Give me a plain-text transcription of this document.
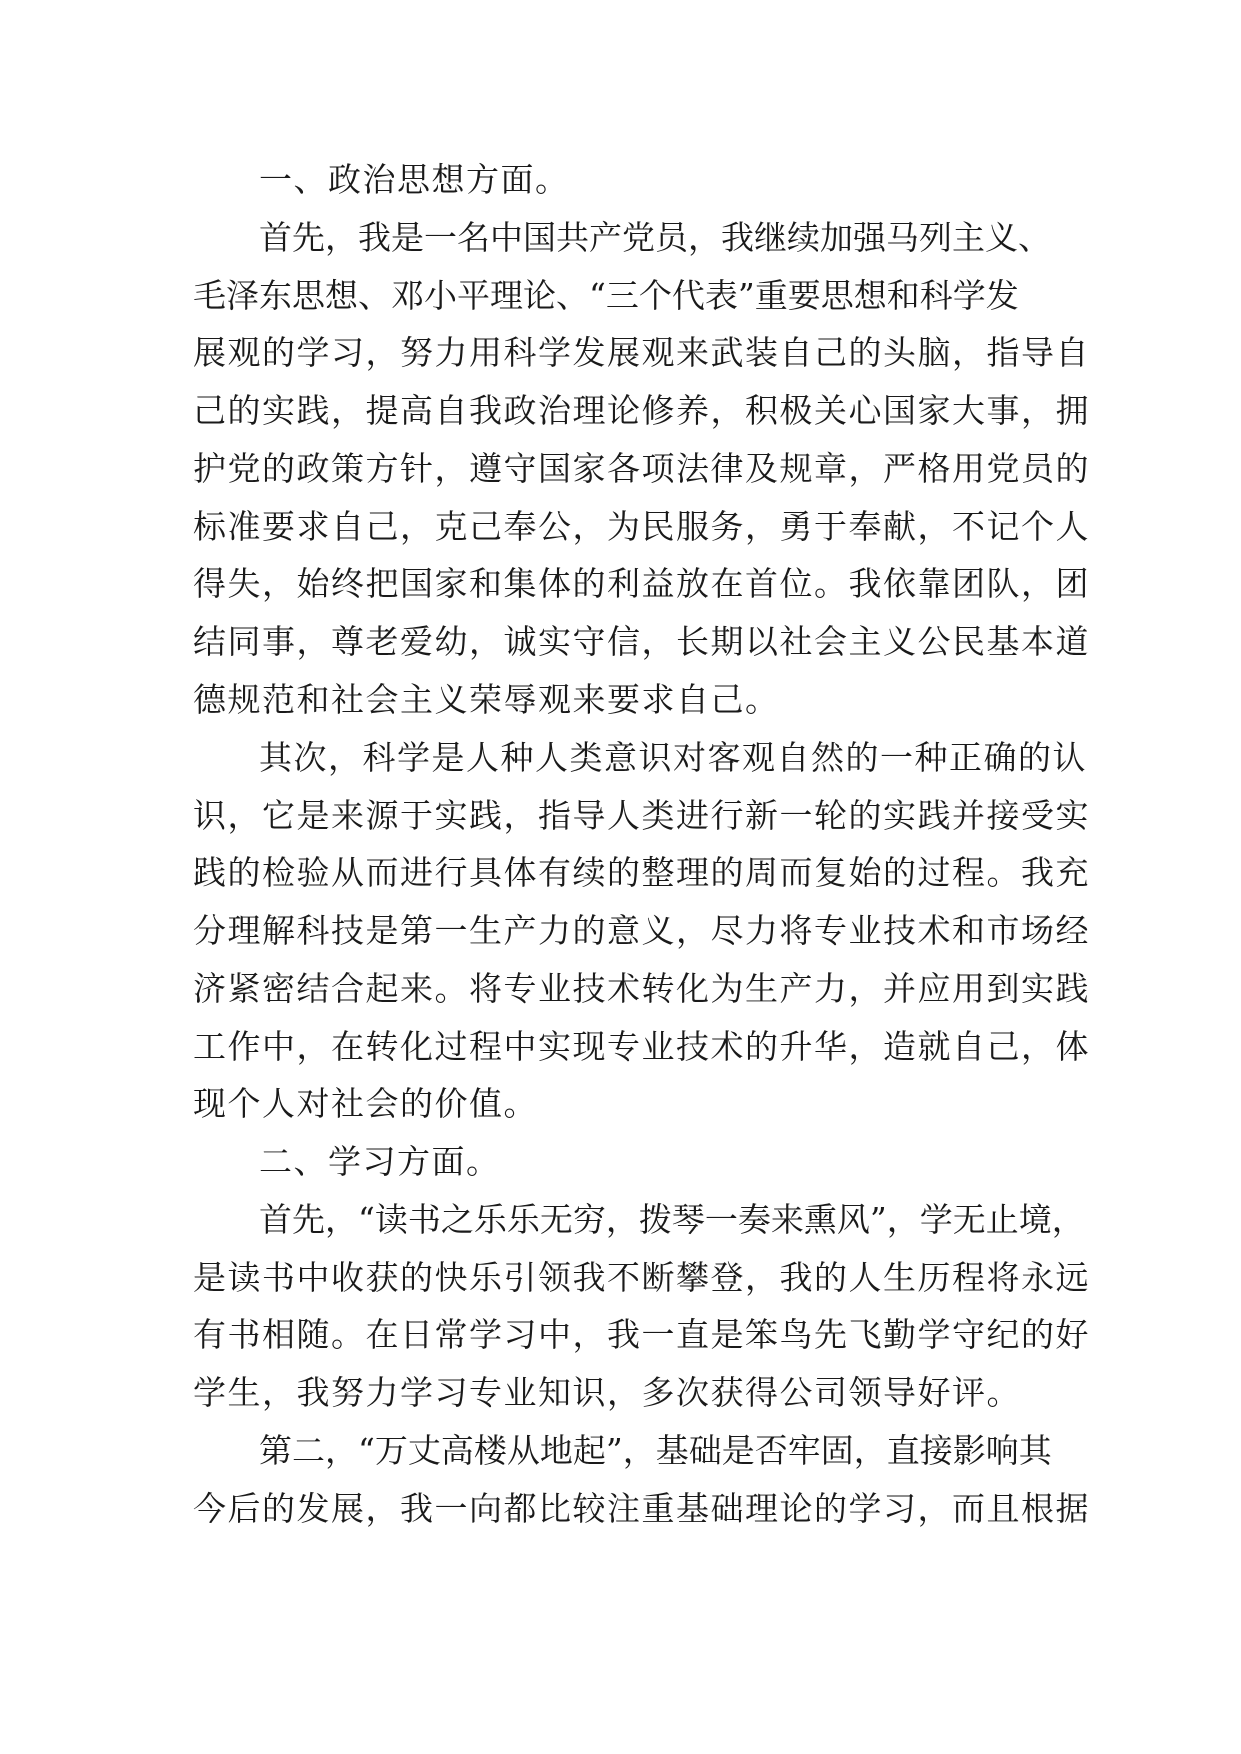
一、政治思想方面。
首先，我是一名中国共产党员，我继续加强马列主义、
毛泽东思想、邓小平理论、“三个代表”重要思想和科学发
展观的学习，努力用科学发展观来武装自己的头脑，指导自
己的实践，提高自我政治理论修养，积极关心国家大事，拥
护党的政策方针，遵守国家各项法律及规章，严格用党员的
标准要求自己，克己奉公，为民服务，勇于奉献，不记个人
得失，始终把国家和集体的利益放在首位。我依靠团队，团
结同事，尊老爱幼，诚实守信，长期以社会主义公民基本道
德规范和社会主义荣辱观来要求自己。
其次，科学是人种人类意识对客观自然的一种正确的认
识，它是来源于实践，指导人类进行新一轮的实践并接受实
践的检验从而进行具体有续的整理的周而复始的过程。我充
分理解科技是第一生产力的意义，尽力将专业技术和市场经
济紧密结合起来。将专业技术转化为生产力，并应用到实践
工作中，在转化过程中实现专业技术的升华，造就自己，体
现个人对社会的价值。
二、学习方面。
首先，“读书之乐乐无穷，拨琴一奏来熏风”，学无止境，
是读书中收获的快乐引领我不断攀登，我的人生历程将永远
有书相随。在日常学习中，我一直是笨鸟先飞勤学守纪的好
学生，我努力学习专业知识，多次获得公司领导好评。
第二，“万丈高楼从地起”，基础是否牢固，直接影响其
今后的发展，我一向都比较注重基础理论的学习，而且根据
